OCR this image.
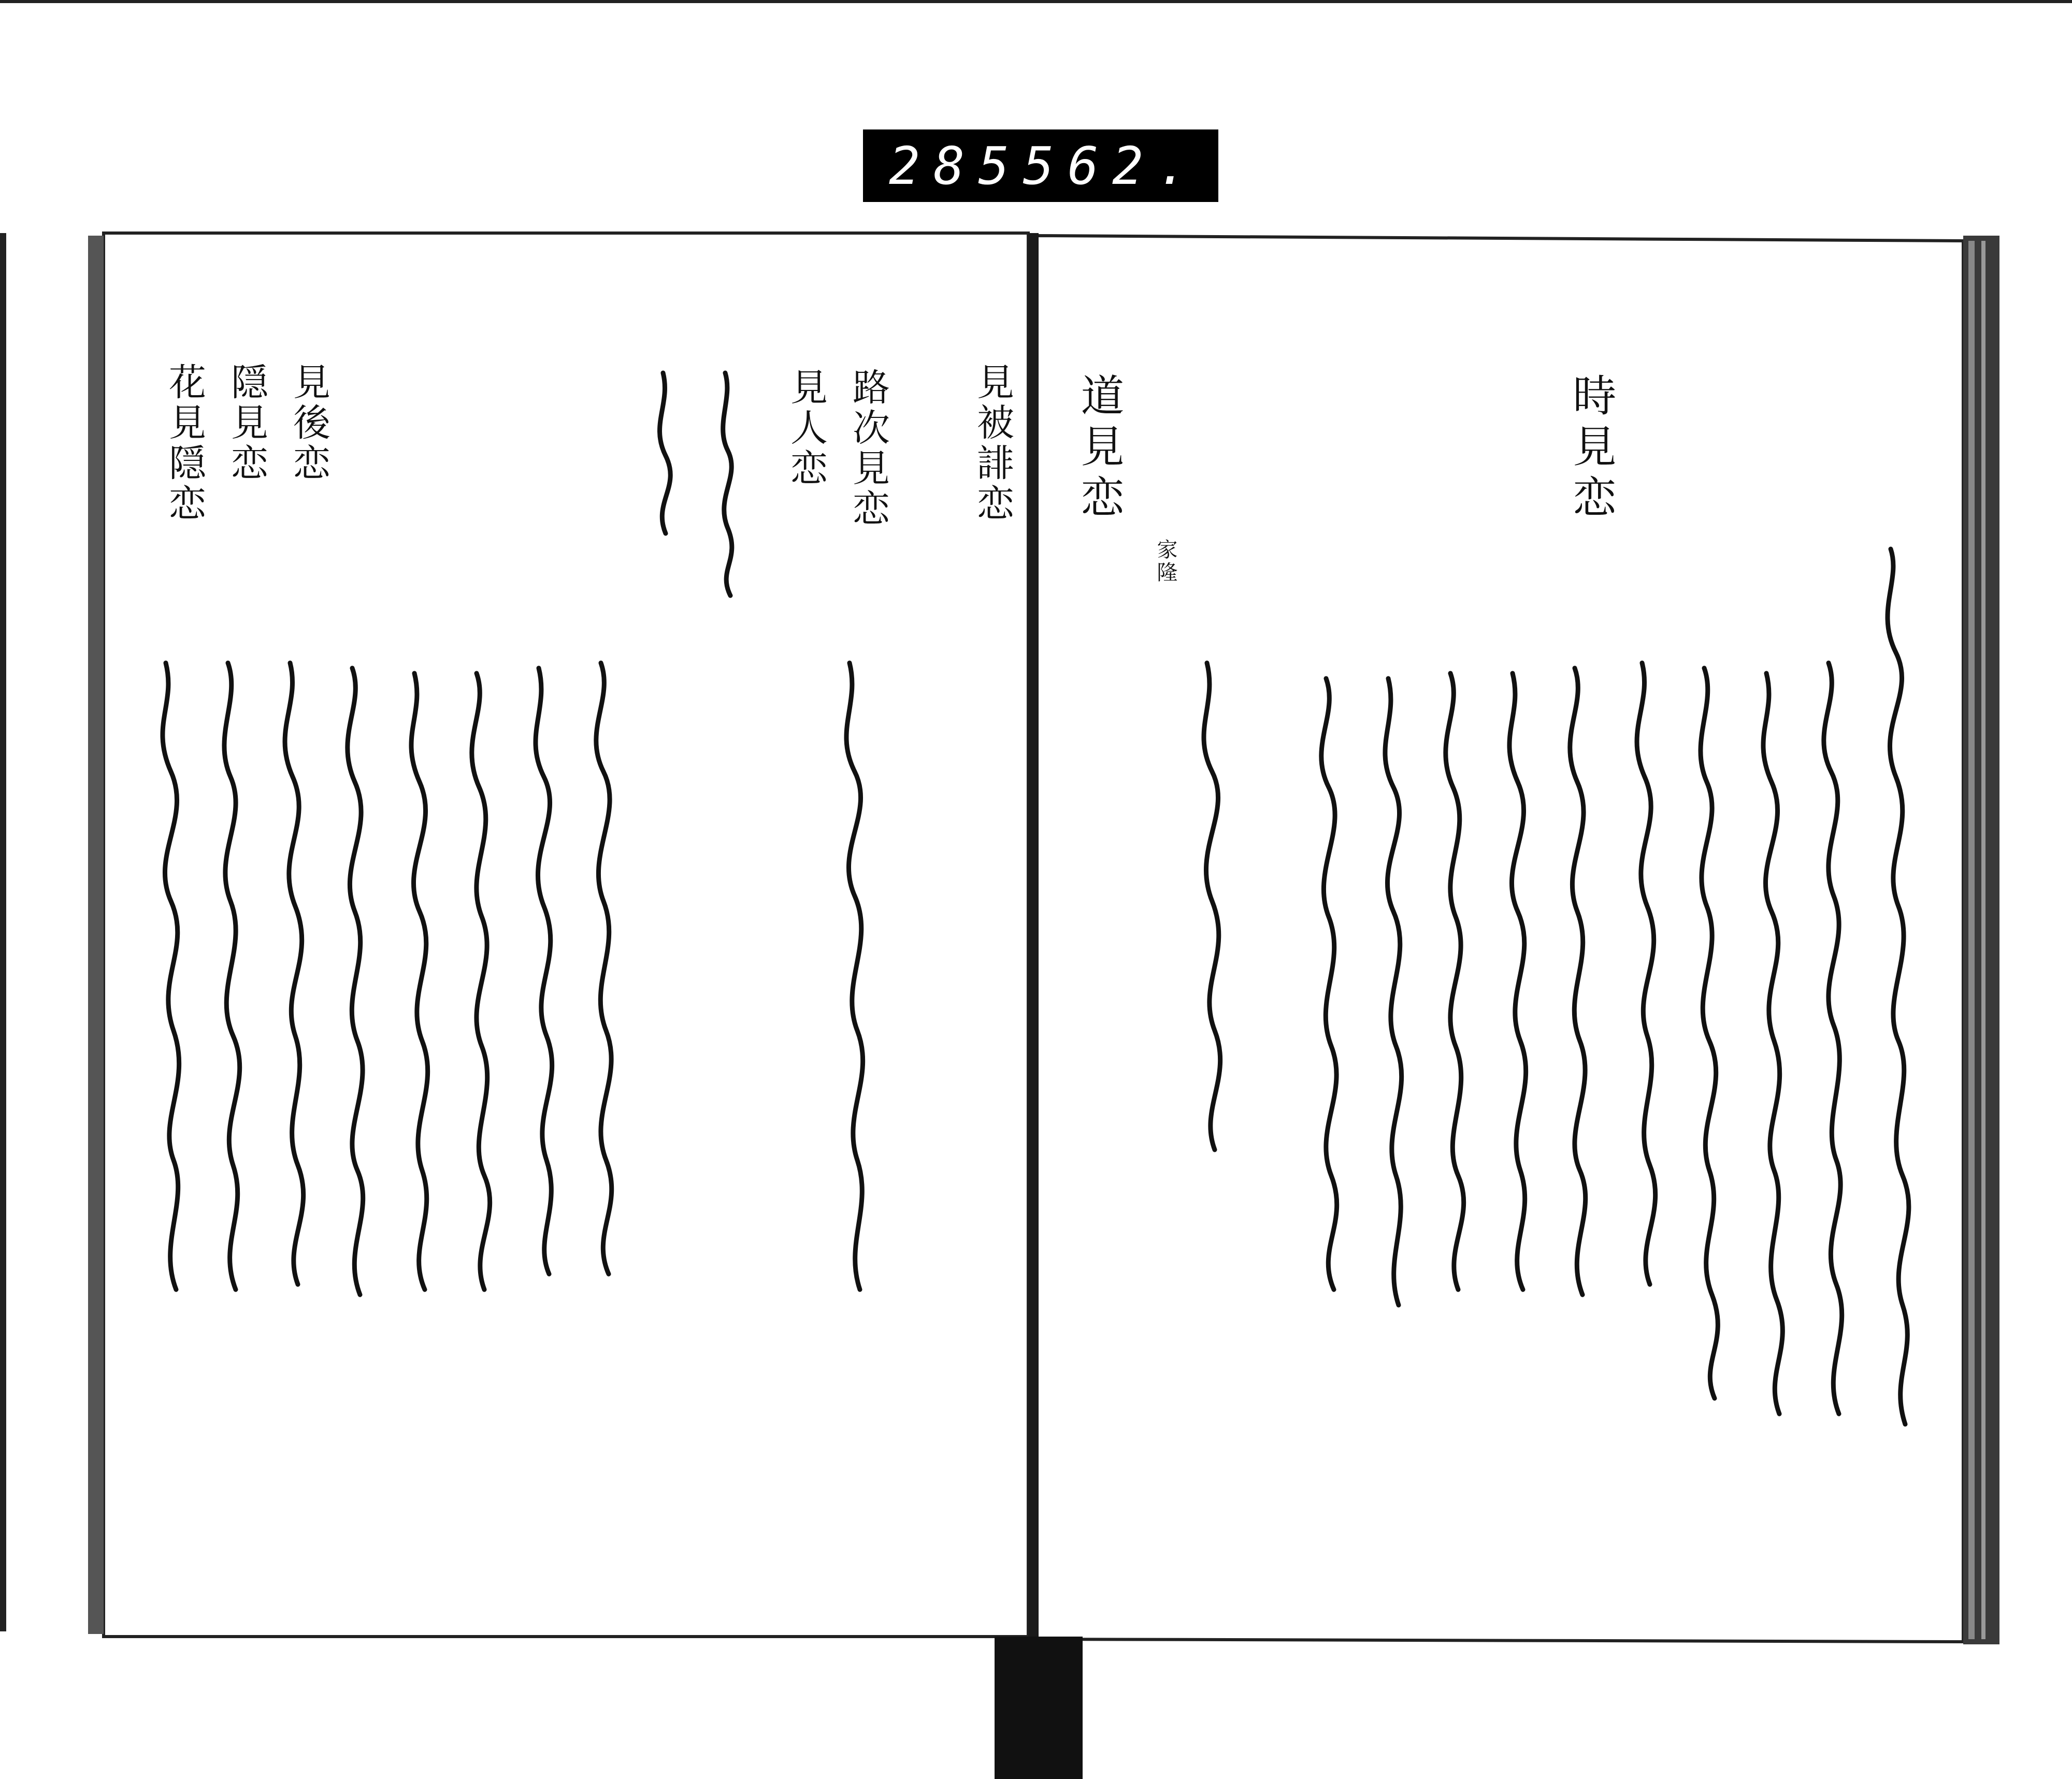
285 562.
時見恋
家隆
道見恋
見被誹恋
路次見恋
見人恋
見後恋
隠見恋
花見隠恋
